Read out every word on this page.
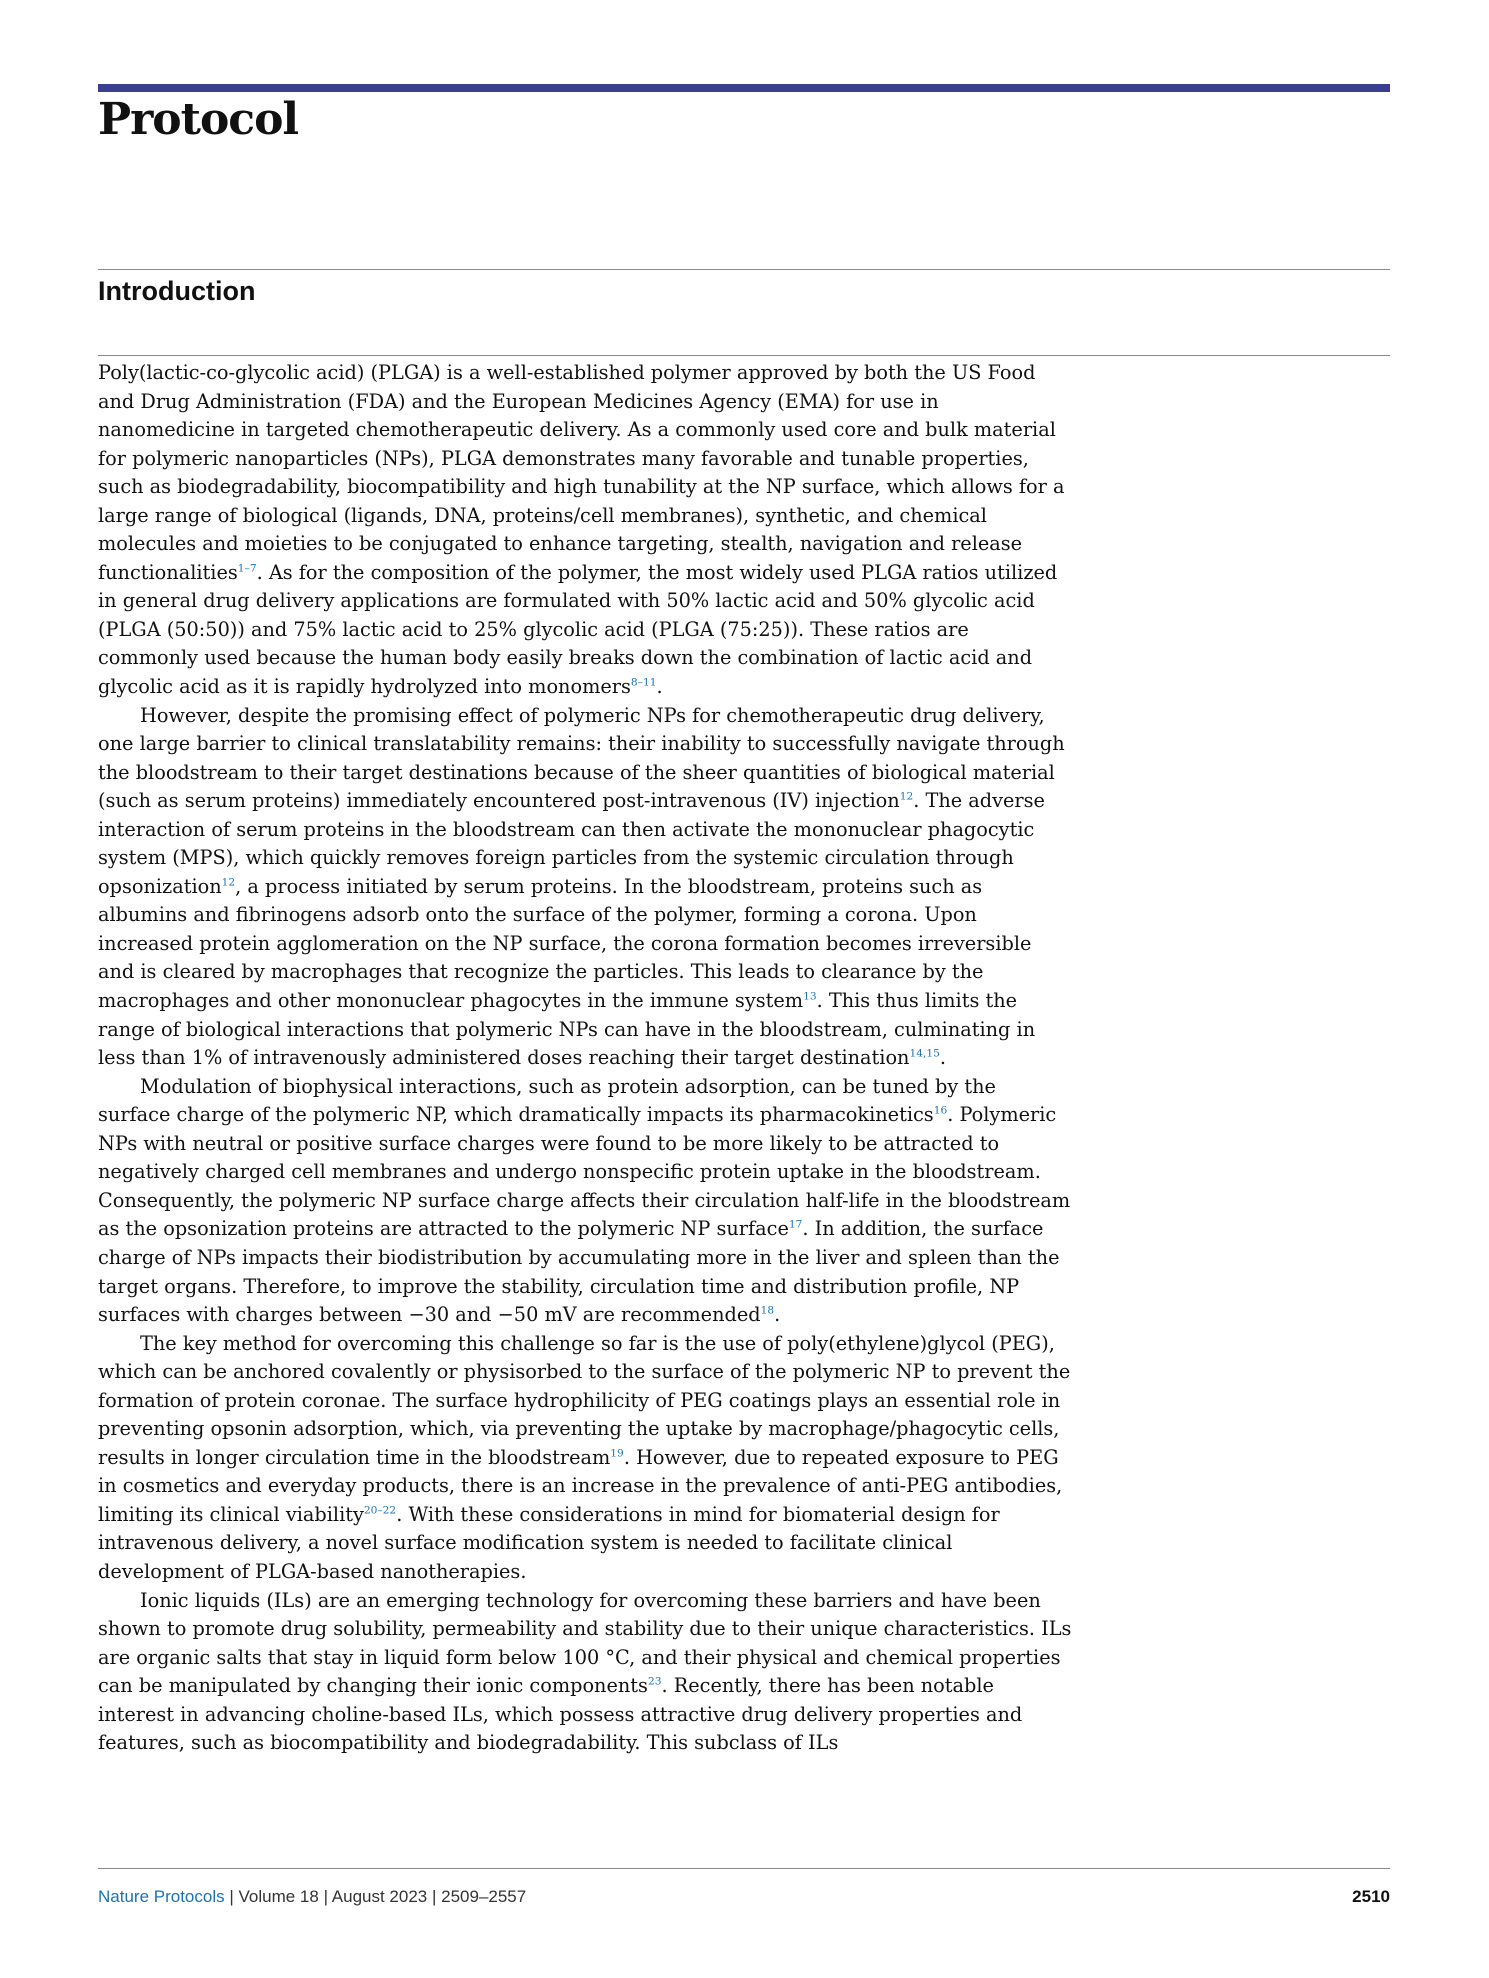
Protocol
Introduction

Poly(lactic-co-glycolic acid) (PLGA) is a well-established polymer approved by both the US Food and Drug Administration (FDA) and the European Medicines Agency (EMA) for use in nanomedicine in targeted chemotherapeutic delivery. As a commonly used core and bulk material for polymeric nanoparticles (NPs), PLGA demonstrates many favorable and tunable properties, such as biodegradability, biocompatibility and high tunability at the NP surface, which allows for a large range of biological (ligands, DNA, proteins/cell membranes), synthetic, and chemical molecules and moieties to be conjugated to enhance targeting, stealth, navigation and release functionalities$^{1-7}$. As for the composition of the polymer, the most widely used PLGA ratios utilized in general drug delivery applications are formulated with 50% lactic acid and 50% glycolic acid (PLGA (50:50)) and 75% lactic acid to 25% glycolic acid (PLGA (75:25)). These ratios are commonly used because the human body easily breaks down the combination of lactic acid and glycolic acid as it is rapidly hydrolyzed into monomers$^{8-11}$.

However, despite the promising effect of polymeric NPs for chemotherapeutic drug delivery, one large barrier to clinical translatability remains: their inability to successfully navigate through the bloodstream to their target destinations because of the sheer quantities of biological material (such as serum proteins) immediately encountered post-intravenous (IV) injection$^{12}$. The adverse interaction of serum proteins in the bloodstream can then activate the mononuclear phagocytic system (MPS), which quickly removes foreign particles from the systemic circulation through opsonization$^{12}$, a process initiated by serum proteins. In the bloodstream, proteins such as albumins and fibrinogens adsorb onto the surface of the polymer, forming a corona. Upon increased protein agglomeration on the NP surface, the corona formation becomes irreversible and is cleared by macrophages that recognize the particles. This leads to clearance by the macrophages and other mononuclear phagocytes in the immune system$^{13}$. This thus limits the range of biological interactions that polymeric NPs can have in the bloodstream, culminating in less than 1% of intravenously administered doses reaching their target destination$^{14,15}$.

Modulation of biophysical interactions, such as protein adsorption, can be tuned by the surface charge of the polymeric NP, which dramatically impacts its pharmacokinetics$^{16}$. Polymeric NPs with neutral or positive surface charges were found to be more likely to be attracted to negatively charged cell membranes and undergo nonspecific protein uptake in the bloodstream. Consequently, the polymeric NP surface charge affects their circulation half-life in the bloodstream as the opsonization proteins are attracted to the polymeric NP surface$^{17}$. In addition, the surface charge of NPs impacts their biodistribution by accumulating more in the liver and spleen than the target organs. Therefore, to improve the stability, circulation time and distribution profile, NP surfaces with charges between −30 and −50 mV are recommended$^{18}$.

The key method for overcoming this challenge so far is the use of poly(ethylene)glycol (PEG), which can be anchored covalently or physisorbed to the surface of the polymeric NP to prevent the formation of protein coronae. The surface hydrophilicity of PEG coatings plays an essential role in preventing opsonin adsorption, which, via preventing the uptake by macrophage/phagocytic cells, results in longer circulation time in the bloodstream$^{19}$. However, due to repeated exposure to PEG in cosmetics and everyday products, there is an increase in the prevalence of anti-PEG antibodies, limiting its clinical viability$^{20-22}$. With these considerations in mind for biomaterial design for intravenous delivery, a novel surface modification system is needed to facilitate clinical development of PLGA-based nanotherapies.

Ionic liquids (ILs) are an emerging technology for overcoming these barriers and have been shown to promote drug solubility, permeability and stability due to their unique characteristics. ILs are organic salts that stay in liquid form below 100 °C, and their physical and chemical properties can be manipulated by changing their ionic components$^{23}$. Recently, there has been notable interest in advancing choline-based ILs, which possess attractive drug delivery properties and features, such as biocompatibility and biodegradability. This subclass of ILs

Nature Protocols | Volume 18 | August 2023 | 2509–2557	2510
